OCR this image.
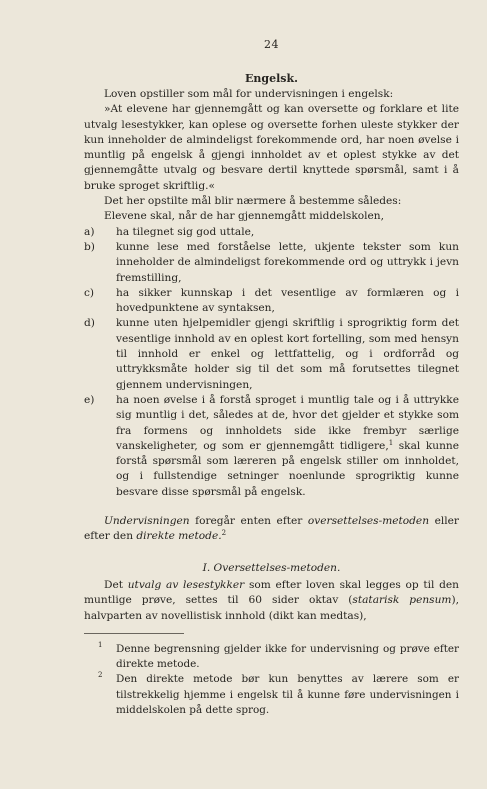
24
Engelsk.

Loven opstiller som mål for undervisningen i engelsk:

»At elevene har gjennemgått og kan oversette og forklare et lite utvalg lesestykker, kan oplese og oversette forhen uleste stykker der kun inneholder de almindeligst forekommende ord, har noen øvelse i muntlig på engelsk å gjengi innholdet av et oplest stykke av det gjennemgåtte utvalg og besvare dertil knyttede spørsmål, samt i å bruke sproget skriftlig.«

Det her opstilte mål blir nærmere å bestemme således:

Elevene skal, når de har gjennemgått middelskolen,

a) ha tilegnet sig god uttale,
b) kunne lese med forståelse lette, ukjente tekster som kun inneholder de almindeligst forekommende ord og uttrykk i jevn fremstilling,
c) ha sikker kunnskap i det vesentlige av formlæren og i hovedpunktene av syntaksen,
d) kunne uten hjelpemidler gjengi skriftlig i sprogriktig form det vesentlige innhold av en oplest kort fortelling, som med hensyn til innhold er enkel og lettfattelig, og i ordforråd og uttrykksmåte holder sig til det som må forutsettes tilegnet gjennem undervisningen,
e) ha noen øvelse i å forstå sproget i muntlig tale og i å uttrykke sig muntlig i det, således at de, hvor det gjelder et stykke som fra formens og innholdets side ikke frembyr særlige vanskeligheter, og som er gjennemgått tidligere,$^1$ skal kunne forstå spørsmål som læreren på engelsk stiller om innholdet, og i fullstendige setninger noenlunde sprogriktig kunne besvare disse spørsmål på engelsk.

Undervisningen foregår enten efter oversettelses-metoden eller efter den direkte metode.$^2$

I. Oversettelses-metoden.

Det utvalg av lesestykker som efter loven skal legges op til den muntlige prøve, settes til 60 sider oktav (statarisk pensum), halvparten av novellistisk innhold (dikt kan medtas),

1 Denne begrensning gjelder ikke for undervisning og prøve efter direkte metode.
2 Den direkte metode bør kun benyttes av lærere som er tilstrekkelig hjemme i engelsk til å kunne føre undervisningen i middelskolen på dette sprog.
